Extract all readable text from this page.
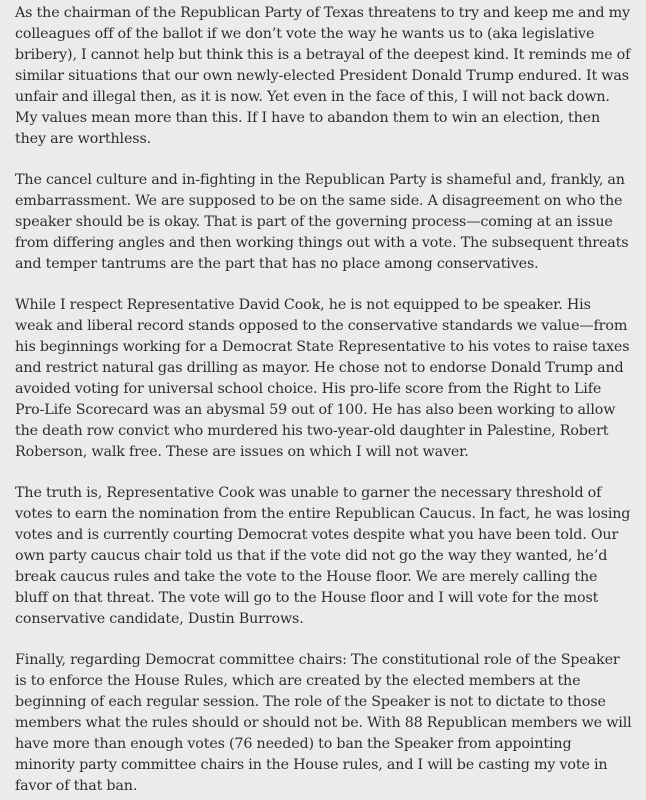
As the chairman of the Republican Party of Texas threatens to try and keep me and my colleagues off of the ballot if we don’t vote the way he wants us to (aka legislative bribery), I cannot help but think this is a betrayal of the deepest kind. It reminds me of similar situations that our own newly-elected President Donald Trump endured. It was unfair and illegal then, as it is now. Yet even in the face of this, I will not back down. My values mean more than this. If I have to abandon them to win an election, then they are worthless.

The cancel culture and in-fighting in the Republican Party is shameful and, frankly, an embarrassment. We are supposed to be on the same side. A disagreement on who the speaker should be is okay. That is part of the governing process—coming at an issue from differing angles and then working things out with a vote. The subsequent threats and temper tantrums are the part that has no place among conservatives.

While I respect Representative David Cook, he is not equipped to be speaker. His weak and liberal record stands opposed to the conservative standards we value—from his beginnings working for a Democrat State Representative to his votes to raise taxes and restrict natural gas drilling as mayor. He chose not to endorse Donald Trump and avoided voting for universal school choice. His pro-life score from the Right to Life Pro-Life Scorecard was an abysmal 59 out of 100. He has also been working to allow the death row convict who murdered his two-year-old daughter in Palestine, Robert Roberson, walk free. These are issues on which I will not waver.

The truth is, Representative Cook was unable to garner the necessary threshold of votes to earn the nomination from the entire Republican Caucus. In fact, he was losing votes and is currently courting Democrat votes despite what you have been told. Our own party caucus chair told us that if the vote did not go the way they wanted, he’d break caucus rules and take the vote to the House floor. We are merely calling the bluff on that threat. The vote will go to the House floor and I will vote for the most conservative candidate, Dustin Burrows.

Finally, regarding Democrat committee chairs: The constitutional role of the Speaker is to enforce the House Rules, which are created by the elected members at the beginning of each regular session. The role of the Speaker is not to dictate to those members what the rules should or should not be. With 88 Republican members we will have more than enough votes (76 needed) to ban the Speaker from appointing minority party committee chairs in the House rules, and I will be casting my vote in favor of that ban.
